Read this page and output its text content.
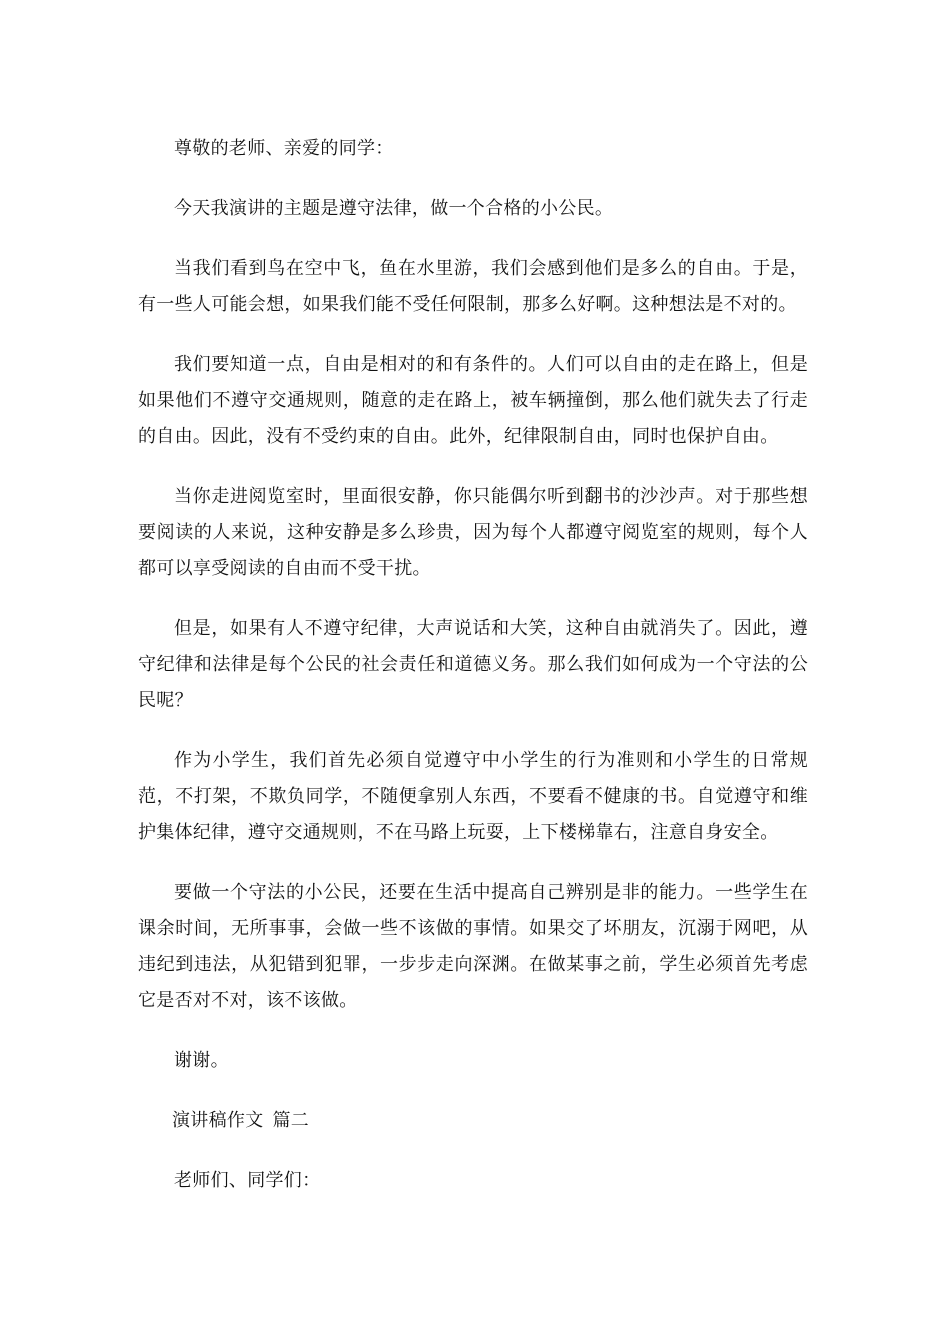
尊敬的老师、亲爱的同学：

今天我演讲的主题是遵守法律，做一个合格的小公民。

当我们看到鸟在空中飞，鱼在水里游，我们会感到他们是多么的自由。于是，有一些人可能会想，如果我们能不受任何限制，那多么好啊。这种想法是不对的。

我们要知道一点，自由是相对的和有条件的。人们可以自由的走在路上，但是如果他们不遵守交通规则，随意的走在路上，被车辆撞倒，那么他们就失去了行走的自由。因此，没有不受约束的自由。此外，纪律限制自由，同时也保护自由。

当你走进阅览室时，里面很安静，你只能偶尔听到翻书的沙沙声。对于那些想要阅读的人来说，这种安静是多么珍贵，因为每个人都遵守阅览室的规则，每个人都可以享受阅读的自由而不受干扰。

但是，如果有人不遵守纪律，大声说话和大笑，这种自由就消失了。因此，遵守纪律和法律是每个公民的社会责任和道德义务。那么我们如何成为一个守法的公民呢？

作为小学生，我们首先必须自觉遵守中小学生的行为准则和小学生的日常规范，不打架，不欺负同学，不随便拿别人东西，不要看不健康的书。自觉遵守和维护集体纪律，遵守交通规则，不在马路上玩耍，上下楼梯靠右，注意自身安全。

要做一个守法的小公民，还要在生活中提高自己辨别是非的能力。一些学生在课余时间，无所事事，会做一些不该做的事情。如果交了坏朋友，沉溺于网吧，从违纪到违法，从犯错到犯罪，一步步走向深渊。在做某事之前，学生必须首先考虑它是否对不对，该不该做。

谢谢。

演讲稿作文 篇二

老师们、同学们：
